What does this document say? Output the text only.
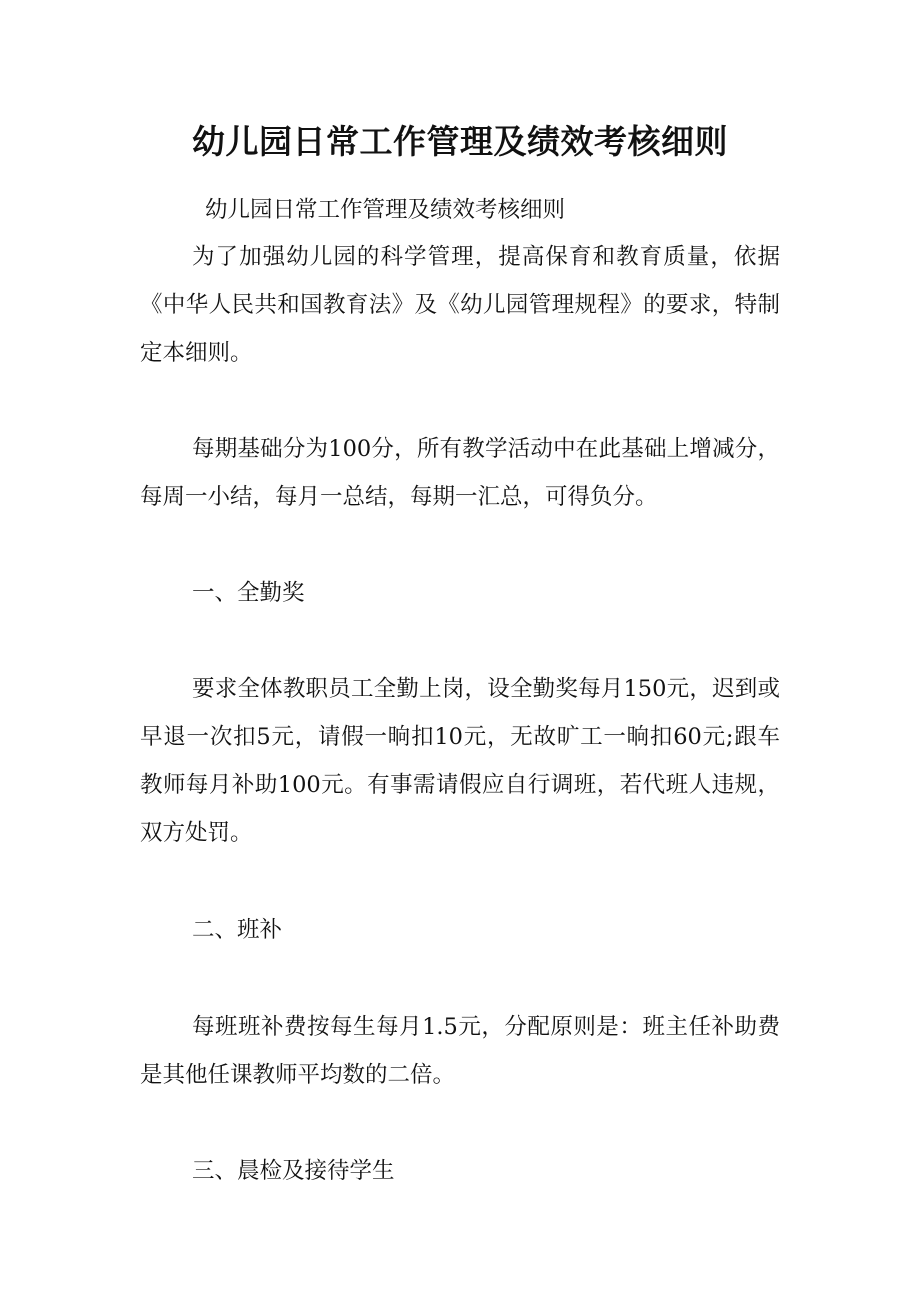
幼儿园日常工作管理及绩效考核细则

幼儿园日常工作管理及绩效考核细则

为了加强幼儿园的科学管理，提高保育和教育质量，依据《中华人民共和国教育法》及《幼儿园管理规程》的要求，特制定本细则。

每期基础分为100分，所有教学活动中在此基础上增减分，每周一小结，每月一总结，每期一汇总，可得负分。

一、全勤奖

要求全体教职员工全勤上岗，设全勤奖每月150元，迟到或早退一次扣5元，请假一晌扣10元，无故旷工一晌扣60元;跟车教师每月补助100元。有事需请假应自行调班，若代班人违规，双方处罚。

二、班补

每班班补费按每生每月1.5元，分配原则是：班主任补助费是其他任课教师平均数的二倍。

三、晨检及接待学生
